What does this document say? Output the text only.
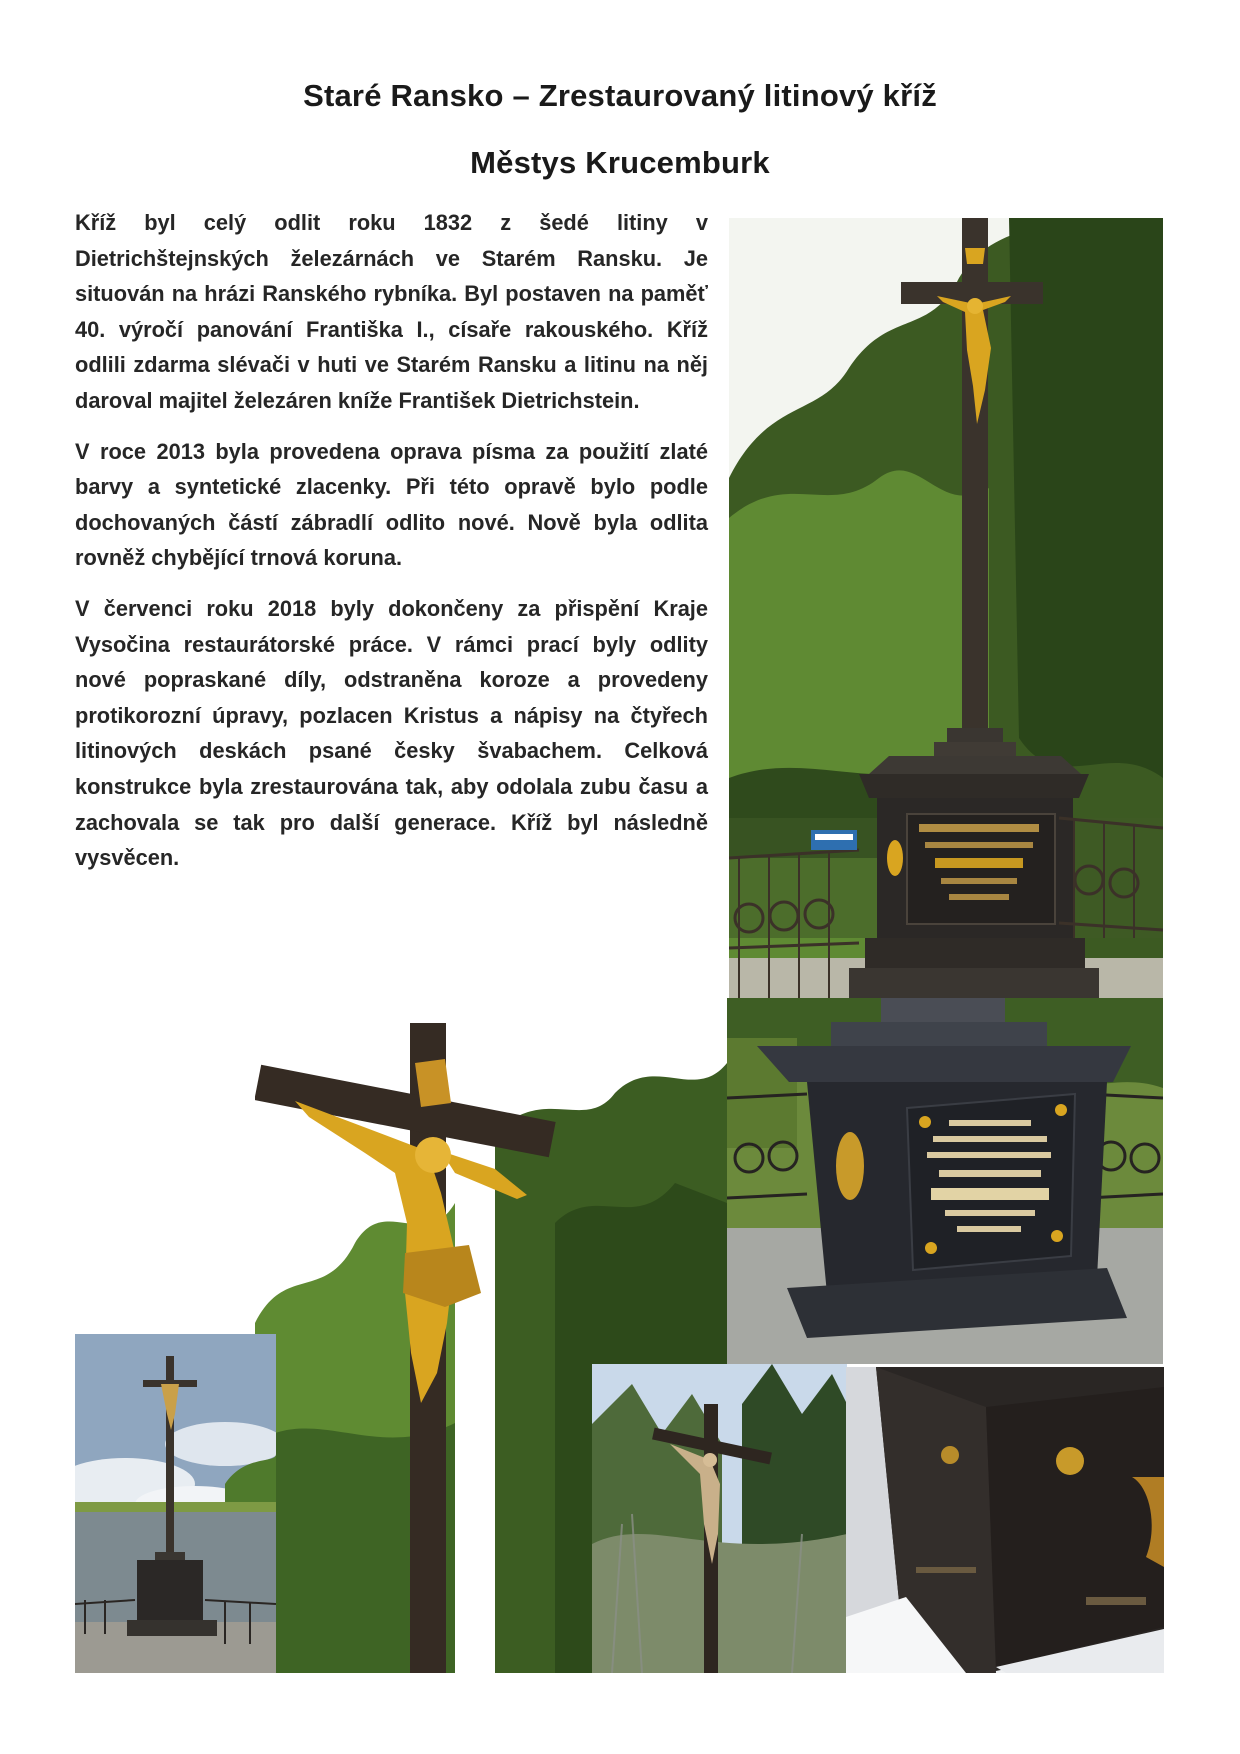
Staré Ransko – Zrestaurovaný litinový kříž
Městys Krucemburk

Kříž byl celý odlit roku 1832 z šedé litiny v Dietrichštejnských železárnách ve Starém Ransku. Je situován na hrázi Ranského rybníka. Byl postaven na paměť 40. výročí panování Františka I., císaře rakouského. Kříž odlili zdarma slévači v huti ve Starém Ransku a litinu na něj daroval majitel železáren kníže František Dietrichstein.

V roce 2013 byla provedena oprava písma za použití zlaté barvy a syntetické zlacenky. Při této opravě bylo podle dochovaných částí zábradlí odlito nové. Nově byla odlita rovněž chybějící trnová koruna.

V červenci roku 2018 byly dokončeny za přispění Kraje Vysočina restaurátorské práce. V rámci prací byly odlity nové popraskané díly, odstraněna koroze a provedeny protikorozní úpravy, pozlacen Kristus a nápisy na čtyřech litinových deskách psané česky švabachem. Celková konstrukce byla zrestaurována tak, aby odolala zubu času a zachovala se tak pro další generace. Kříž byl následně vysvěcen.
